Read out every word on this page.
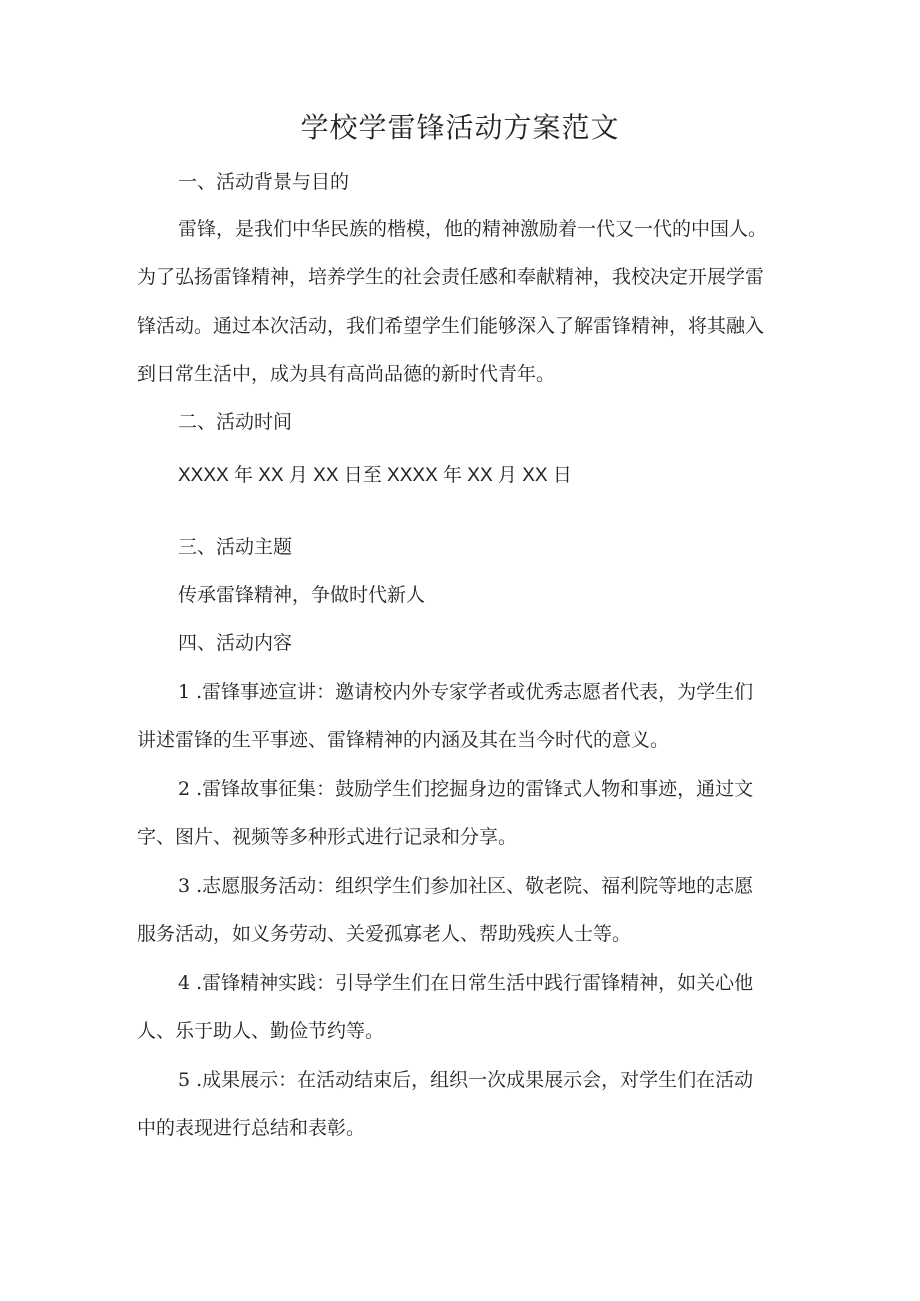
学校学雷锋活动方案范文
一、活动背景与目的
雷锋，是我们中华民族的楷模，他的精神激励着一代又一代的中国人。
为了弘扬雷锋精神，培养学生的社会责任感和奉献精神，我校决定开展学雷
锋活动。通过本次活动，我们希望学生们能够深入了解雷锋精神，将其融入
到日常生活中，成为具有高尚品德的新时代青年。
二、活动时间
XXXX 年 XX 月 XX 日至 XXXX 年 XX 月 XX 日
三、活动主题
传承雷锋精神，争做时代新人
四、活动内容
1 .雷锋事迹宣讲：邀请校内外专家学者或优秀志愿者代表，为学生们
讲述雷锋的生平事迹、雷锋精神的内涵及其在当今时代的意义。
2 .雷锋故事征集：鼓励学生们挖掘身边的雷锋式人物和事迹，通过文
字、图片、视频等多种形式进行记录和分享。
3 .志愿服务活动：组织学生们参加社区、敬老院、福利院等地的志愿
服务活动，如义务劳动、关爱孤寡老人、帮助残疾人士等。
4 .雷锋精神实践：引导学生们在日常生活中践行雷锋精神，如关心他
人、乐于助人、勤俭节约等。
5 .成果展示：在活动结束后，组织一次成果展示会，对学生们在活动
中的表现进行总结和表彰。
